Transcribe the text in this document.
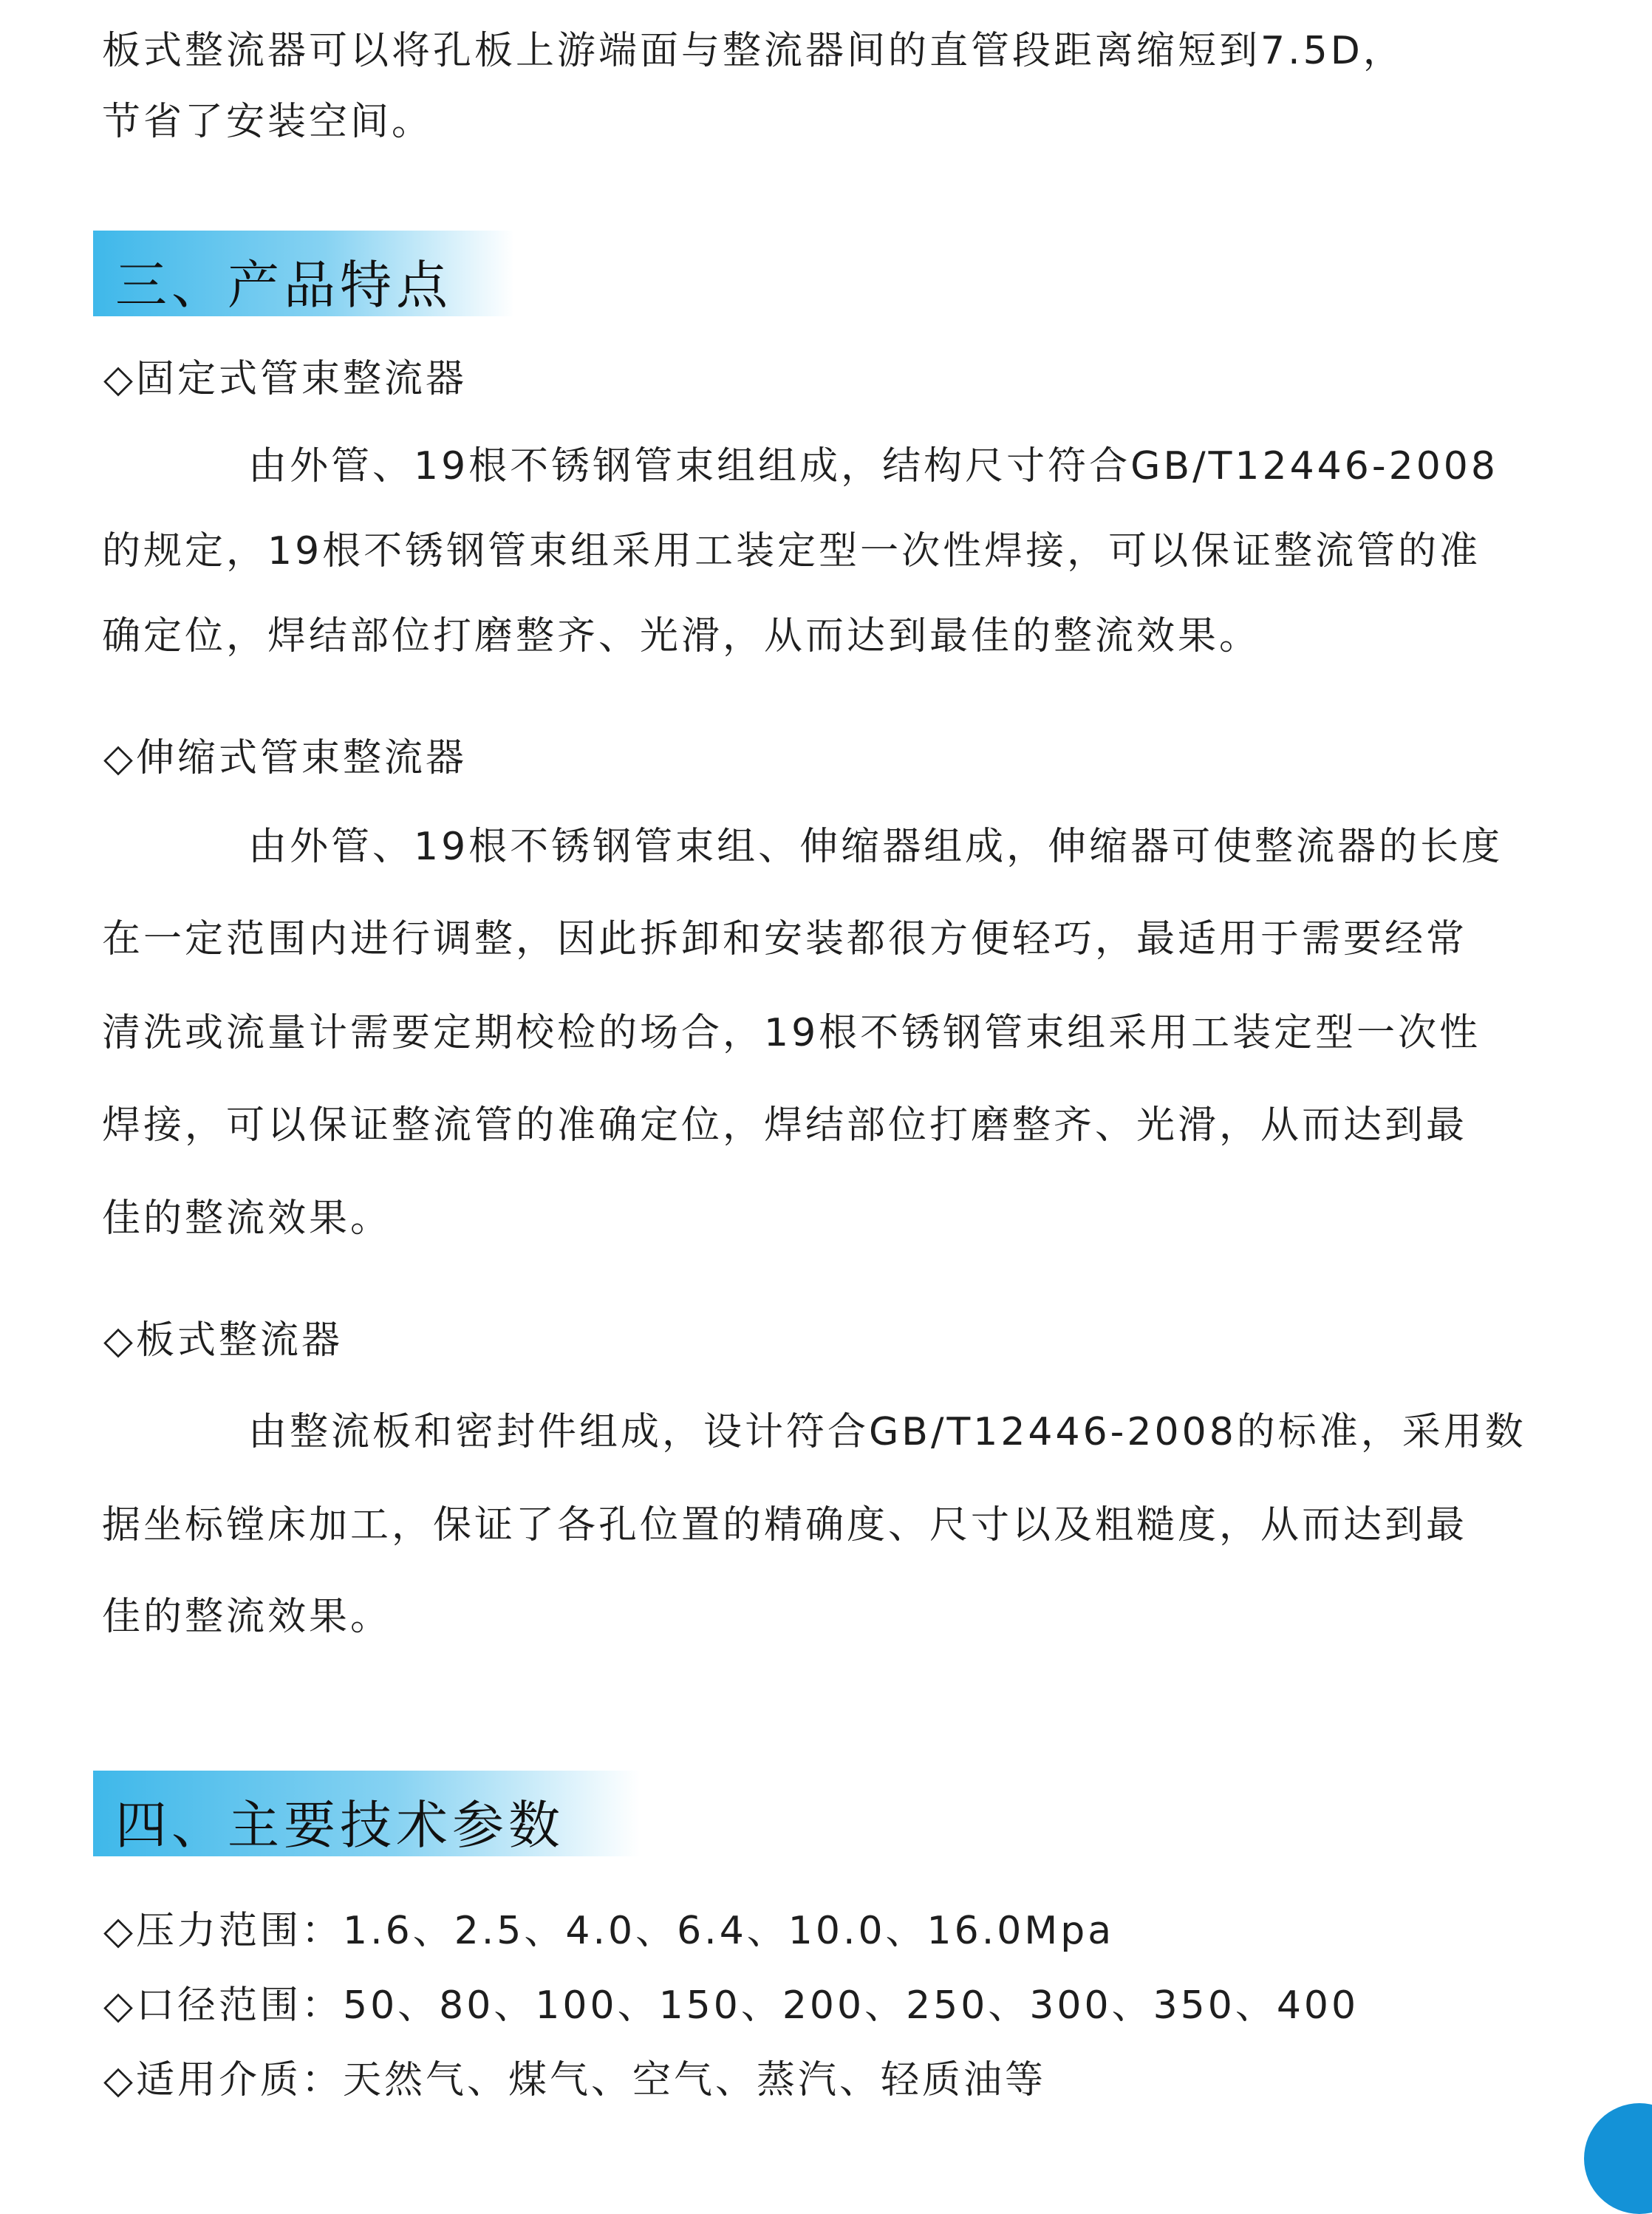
板式整流器可以将孔板上游端面与整流器间的直管段距离缩短到7.5D，

节省了安装空间。

三、产品特点

◇固定式管束整流器

由外管、19根不锈钢管束组组成，结构尺寸符合GB/T12446-2008

的规定，19根不锈钢管束组采用工装定型一次性焊接，可以保证整流管的准

确定位，焊结部位打磨整齐、光滑，从而达到最佳的整流效果。

◇伸缩式管束整流器

由外管、19根不锈钢管束组、伸缩器组成，伸缩器可使整流器的长度

在一定范围内进行调整，因此拆卸和安装都很方便轻巧，最适用于需要经常

清洗或流量计需要定期校检的场合，19根不锈钢管束组采用工装定型一次性

焊接，可以保证整流管的准确定位，焊结部位打磨整齐、光滑，从而达到最

佳的整流效果。

◇板式整流器

由整流板和密封件组成，设计符合GB/T12446-2008的标准，采用数

据坐标镗床加工，保证了各孔位置的精确度、尺寸以及粗糙度，从而达到最

佳的整流效果。

四、主要技术参数

◇压力范围：1.6、2.5、4.0、6.4、10.0、16.0Mpa

◇口径范围：50、80、100、150、200、250、300、350、400

◇适用介质：天然气、煤气、空气、蒸汽、轻质油等
